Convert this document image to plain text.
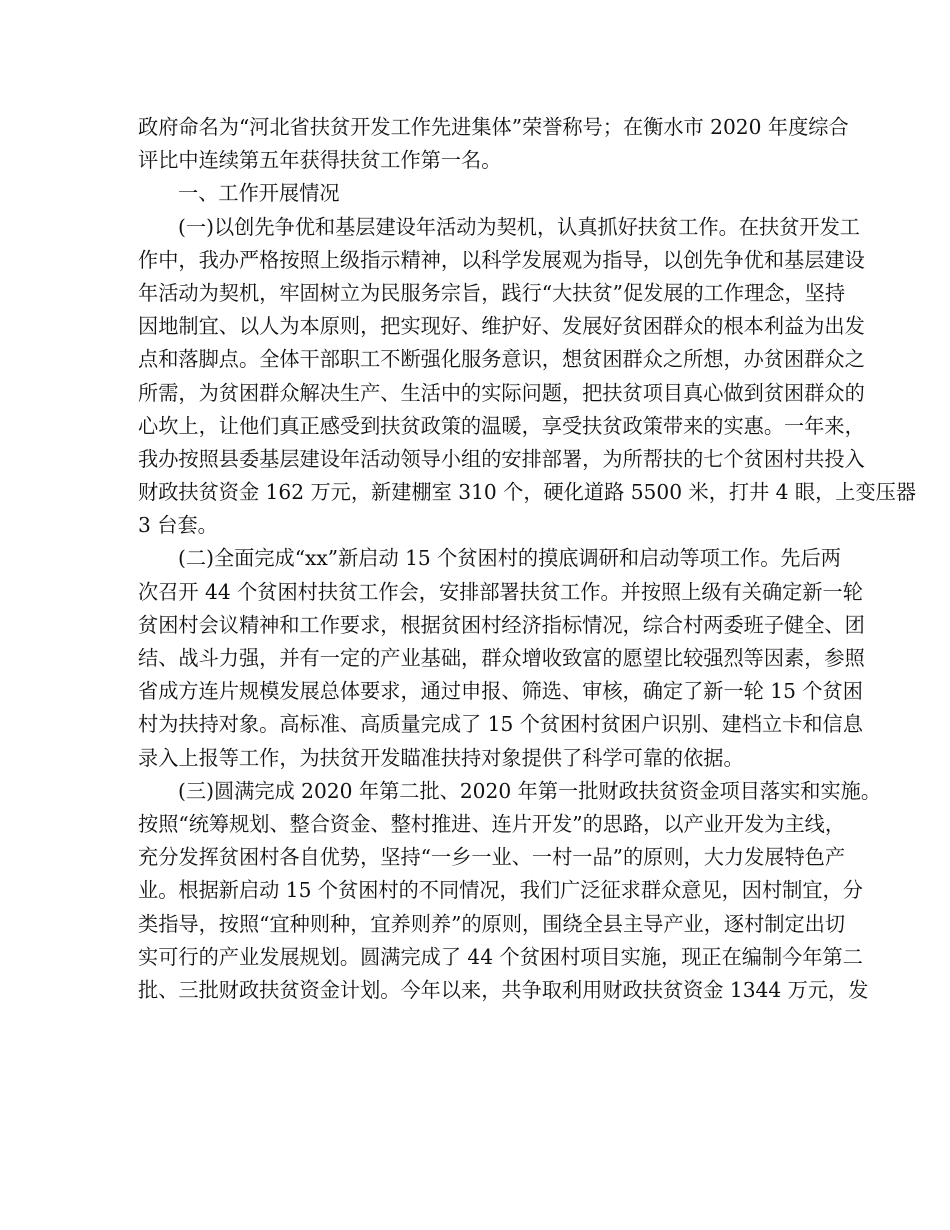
政府命名为“河北省扶贫开发工作先进集体”荣誉称号；在衡水市 2020 年度综合
评比中连续第五年获得扶贫工作第一名。
一、工作开展情况
(一)以创先争优和基层建设年活动为契机，认真抓好扶贫工作。在扶贫开发工
作中，我办严格按照上级指示精神，以科学发展观为指导，以创先争优和基层建设
年活动为契机，牢固树立为民服务宗旨，践行“大扶贫”促发展的工作理念，坚持
因地制宜、以人为本原则，把实现好、维护好、发展好贫困群众的根本利益为出发
点和落脚点。全体干部职工不断强化服务意识，想贫困群众之所想，办贫困群众之
所需，为贫困群众解决生产、生活中的实际问题，把扶贫项目真心做到贫困群众的
心坎上，让他们真正感受到扶贫政策的温暖，享受扶贫政策带来的实惠。一年来，
我办按照县委基层建设年活动领导小组的安排部署，为所帮扶的七个贫困村共投入
财政扶贫资金 162 万元，新建棚室 310 个，硬化道路 5500 米，打井 4 眼，上变压器
3 台套。
(二)全面完成“xx”新启动 15 个贫困村的摸底调研和启动等项工作。先后两
次召开 44 个贫困村扶贫工作会，安排部署扶贫工作。并按照上级有关确定新一轮
贫困村会议精神和工作要求，根据贫困村经济指标情况，综合村两委班子健全、团
结、战斗力强，并有一定的产业基础，群众增收致富的愿望比较强烈等因素，参照
省成方连片规模发展总体要求，通过申报、筛选、审核，确定了新一轮 15 个贫困
村为扶持对象。高标准、高质量完成了 15 个贫困村贫困户识别、建档立卡和信息
录入上报等工作，为扶贫开发瞄准扶持对象提供了科学可靠的依据。
(三)圆满完成 2020 年第二批、2020 年第一批财政扶贫资金项目落实和实施。
按照“统筹规划、整合资金、整村推进、连片开发”的思路，以产业开发为主线，
充分发挥贫困村各自优势，坚持“一乡一业、一村一品”的原则，大力发展特色产
业。根据新启动 15 个贫困村的不同情况，我们广泛征求群众意见，因村制宜，分
类指导，按照“宜种则种，宜养则养”的原则，围绕全县主导产业，逐村制定出切
实可行的产业发展规划。圆满完成了 44 个贫困村项目实施，现正在编制今年第二
批、三批财政扶贫资金计划。今年以来，共争取利用财政扶贫资金 1344 万元，发
